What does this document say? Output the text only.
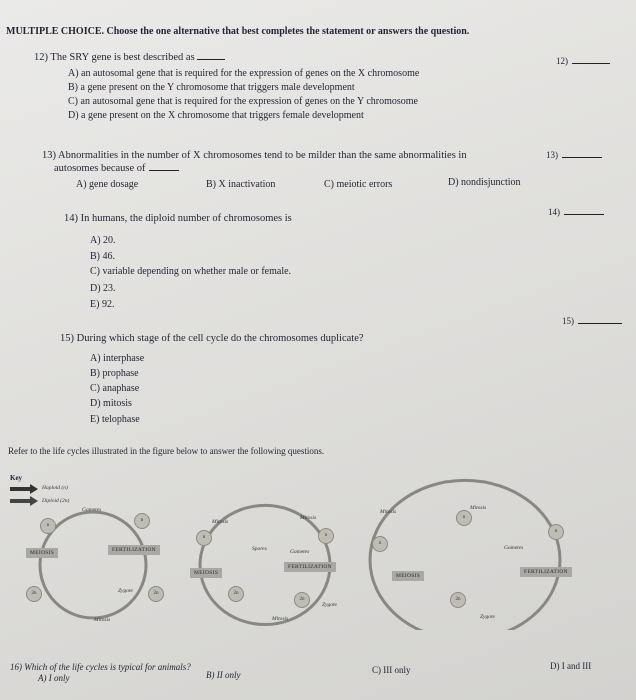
MULTIPLE CHOICE. Choose the one alternative that best completes the statement or answers the question.
12) The SRY gene is best described as	12)
A) an autosomal gene that is required for the expression of genes on the X chromosome
B) a gene present on the Y chromosome that triggers male development
C) an autosomal gene that is required for the expression of genes on the Y chromosome
D) a gene present on the X chromosome that triggers female development
13) Abnormalities in the number of X chromosomes tend to be milder than the same abnormalities in
autosomes because of
13)
A) gene dosage	B) X inactivation	C) meiotic errors	D) nondisjunction
14) In humans, the diploid number of chromosomes is
14)
A) 20.
B) 46.
C) variable depending on whether male or female.
D) 23.
E) 92.
15) During which stage of the cell cycle do the chromosomes duplicate?
15)
A) interphase
B) prophase
C) anaphase
D) mitosis
E) telophase
Refer to the life cycles illustrated in the figure below to answer the following questions.
Key
Haploid (n)
Diploid (2n)
Gametes
n
n
MEIOSIS	FERTILIZATION
2n	2n
Zygote
Mitosis
Mitosis
Mitosis
n	n
Spores	Gametes
MEIOSIS
FERTILIZATION
2n
2n
Zygote
Mitosis
Mitosis
Mitosis
n
n
n
Gametes
MEIOSIS
FERTILIZATION
2n
Zygote
16) Which of the life cycles is typical for animals?
A) I only	B) II only	C) III only	D) I and III
